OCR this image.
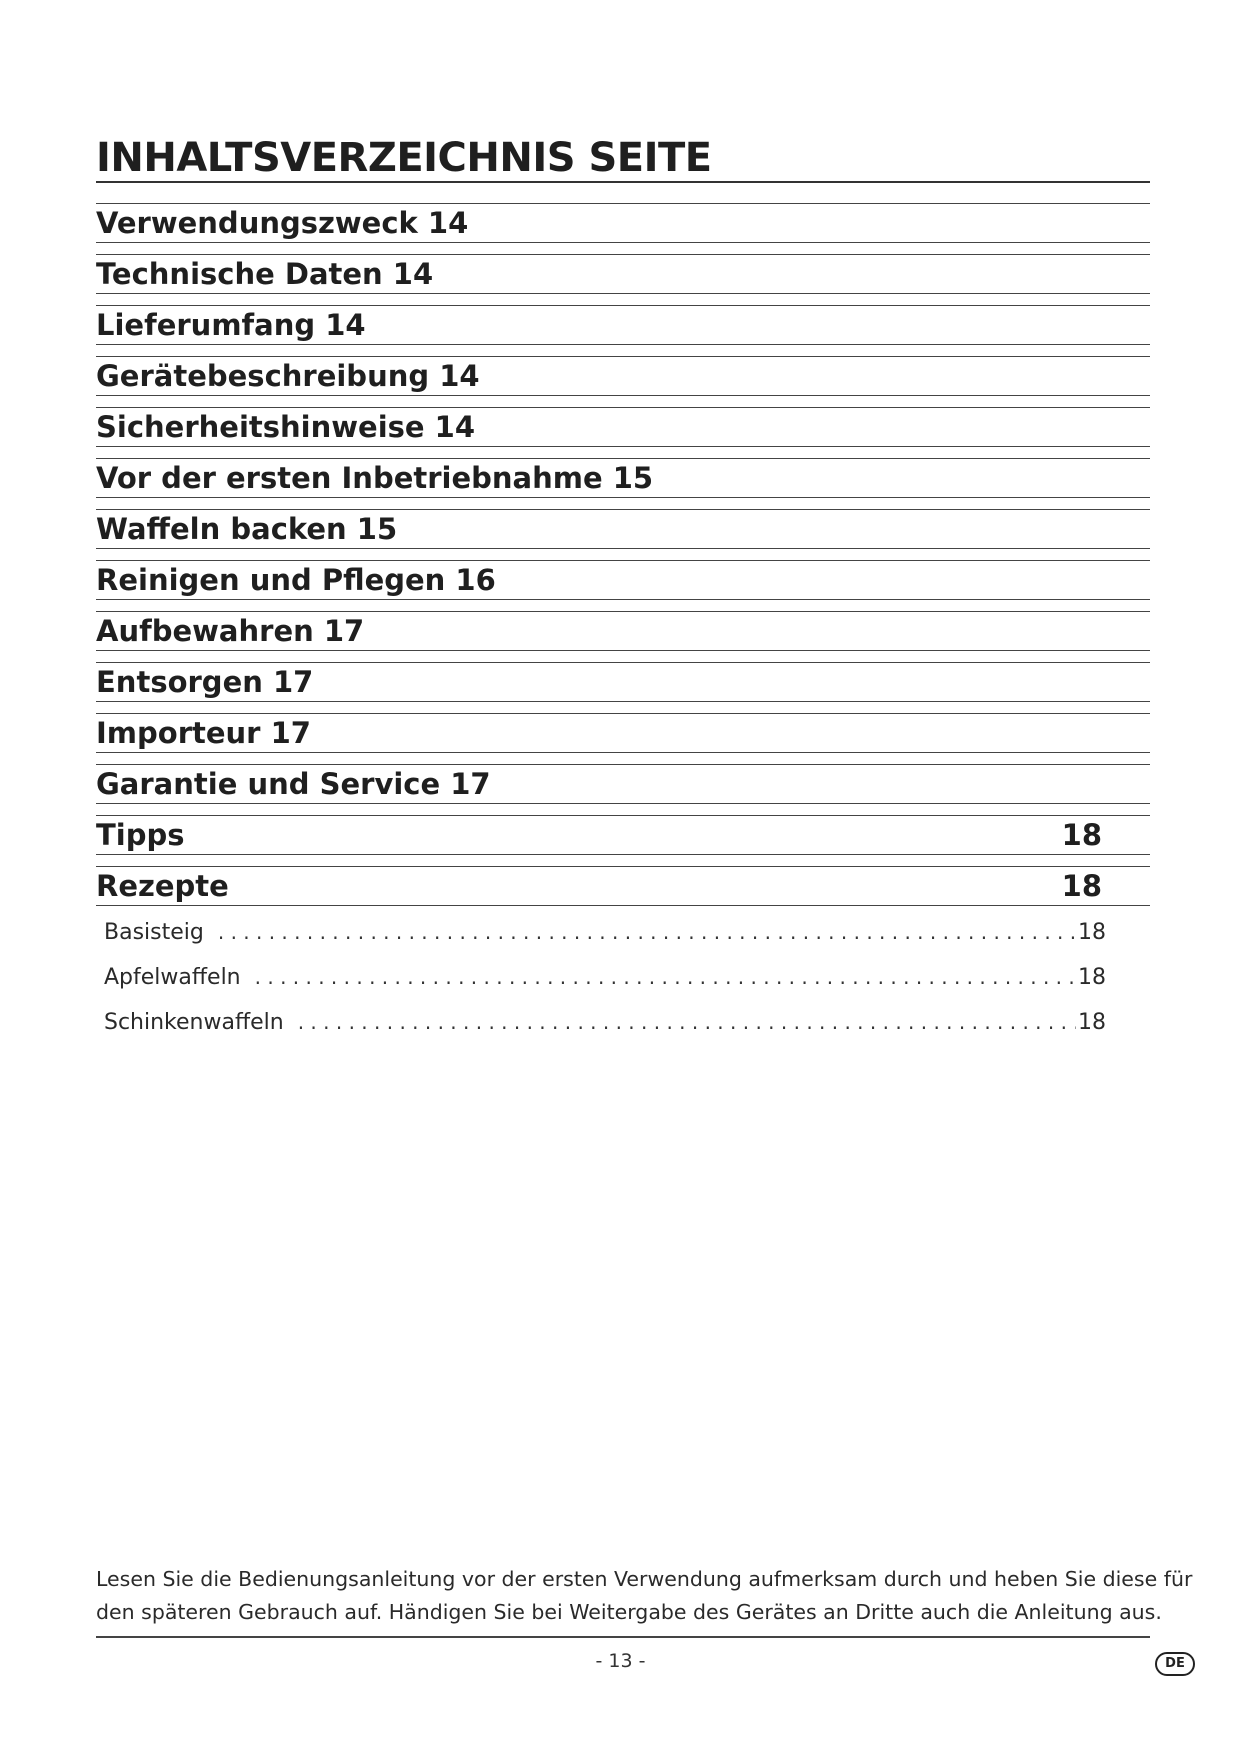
INHALTSVERZEICHNIS SEITE
Verwendungszweck 14
Technische Daten 14
Lieferumfang 14
Gerätebeschreibung 14
Sicherheitshinweise 14
Vor der ersten Inbetriebnahme 15
Waffeln backen 15
Reinigen und Pflegen 16
Aufbewahren 17
Entsorgen 17
Importeur 17
Garantie und Service 17
Tipps	18
Rezepte	18
Basisteig . . .	18
Apfelwaffeln . . .	18
Schinkenwaffeln . . .	18

Lesen Sie die Bedienungsanleitung vor der ersten Verwendung aufmerksam durch und heben Sie diese für
den späteren Gebrauch auf. Händigen Sie bei Weitergabe des Gerätes an Dritte auch die Anleitung aus.

- 13 -	DE
